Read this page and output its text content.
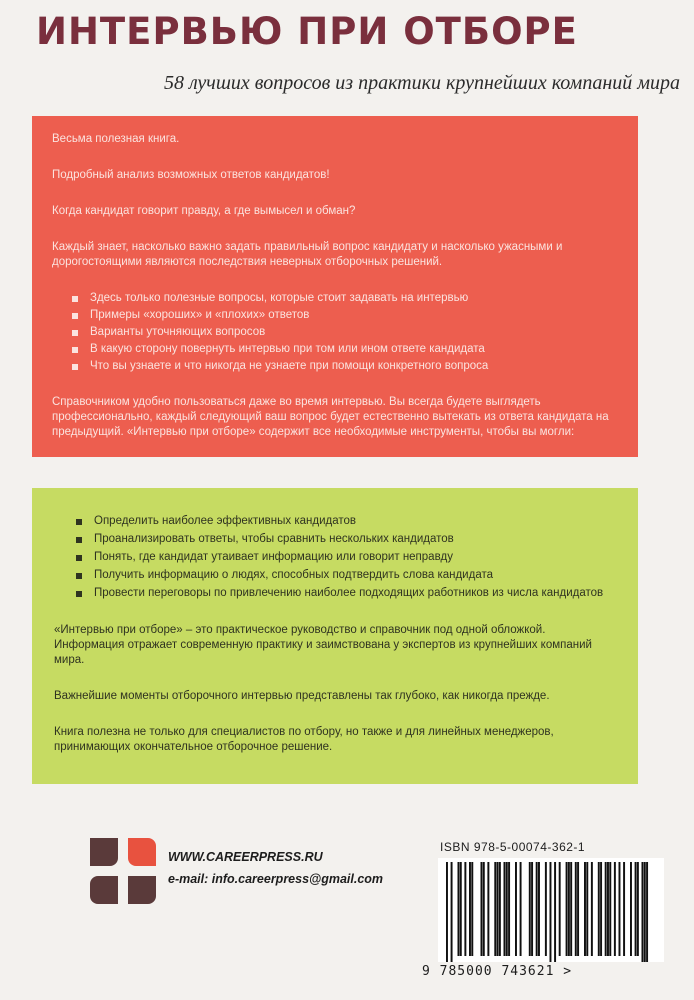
ИНТЕРВЬЮ ПРИ ОТБОРЕ
58 лучших вопросов из практики крупнейших компаний мира

Весьма полезная книга.

Подробный анализ возможных ответов кандидатов!

Когда кандидат говорит правду, а где вымысел и обман?

Каждый знает, насколько важно задать правильный вопрос кандидату и насколько ужасными и дорогостоящими являются последствия неверных отборочных решений.

Здесь только полезные вопросы, которые стоит задавать на интервью
Примеры «хороших» и «плохих» ответов
Варианты уточняющих вопросов
В какую сторону повернуть интервью при том или ином ответе кандидата
Что вы узнаете и что никогда не узнаете при помощи конкретного вопроса

Справочником удобно пользоваться даже во время интервью. Вы всегда будете выглядеть профессионально, каждый следующий ваш вопрос будет естественно вытекать из ответа кандидата на предыдущий. «Интервью при отборе» содержит все необходимые инструменты, чтобы вы могли:

Определить наиболее эффективных кандидатов
Проанализировать ответы, чтобы сравнить нескольких кандидатов
Понять, где кандидат утаивает информацию или говорит неправду
Получить информацию о людях, способных подтвердить слова кандидата
Провести переговоры по привлечению наиболее подходящих работников из числа кандидатов

«Интервью при отборе» – это практическое руководство и справочник под одной обложкой. Информация отражает современную практику и заимствована у экспертов из крупнейших компаний мира.

Важнейшие моменты отборочного интервью представлены так глубоко, как никогда прежде.

Книга полезна не только для специалистов по отбору, но также и для линейных менеджеров, принимающих окончательное отборочное решение.

WWW.CAREERPRESS.RU
e-mail: info.careerpress@gmail.com
ISBN 978-5-00074-362-1
9 785000 743621 >
